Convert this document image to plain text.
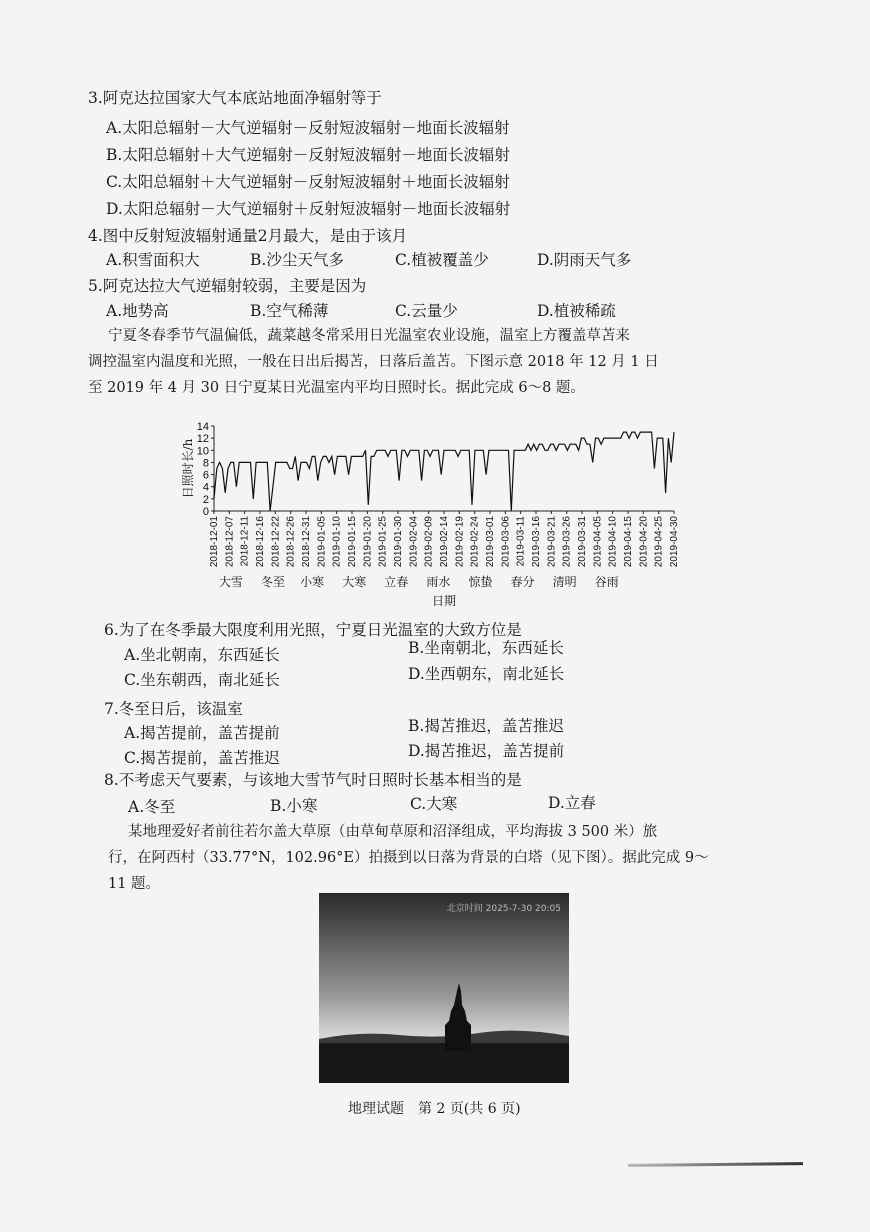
3.阿克达拉国家大气本底站地面净辐射等于
A.太阳总辐射－大气逆辐射－反射短波辐射－地面长波辐射
B.太阳总辐射＋大气逆辐射－反射短波辐射－地面长波辐射
C.太阳总辐射＋大气逆辐射－反射短波辐射＋地面长波辐射
D.太阳总辐射－大气逆辐射＋反射短波辐射－地面长波辐射
4.图中反射短波辐射通量2月最大，是由于该月
A.积雪面积大	B.沙尘天气多	C.植被覆盖少	D.阴雨天气多
5.阿克达拉大气逆辐射较弱，主要是因为
A.地势高	B.空气稀薄	C.云量少	D.植被稀疏
宁夏冬春季节气温偏低，蔬菜越冬常采用日光温室农业设施，温室上方覆盖草苫来
调控温室内温度和光照，一般在日出后揭苫，日落后盖苫。下图示意 2018 年 12 月 1 日
至 2019 年 4 月 30 日宁夏某日光温室内平均日照时长。据此完成 6～8 题。
0
2
4
6
8
10
12
14
日照时长/h
2018-12-01 2018-12-07 2018-12-11 2018-12-16 2018-12-22 2018-12-26 2018-12-31 2019-01-05 2019-01-10 2019-01-15 2019-01-20 2019-01-25 2019-01-30 2019-02-04 2019-02-09 2019-02-14 2019-02-19 2019-02-24 2019-03-01 2019-03-06 2019-03-11 2019-03-16 2019-03-21 2019-03-26 2019-03-31 2019-04-05 2019-04-10 2019-04-15 2019-04-20 2019-04-25 2019-04-30
大雪 冬至 小寒 大寒 立春 雨水 惊蛰 春分 清明 谷雨
日期
6.为了在冬季最大限度利用光照，宁夏日光温室的大致方位是
A.坐北朝南，东西延长	B.坐南朝北，东西延长
C.坐东朝西，南北延长	D.坐西朝东，南北延长
7.冬至日后，该温室
A.揭苫提前，盖苫提前	B.揭苫推迟，盖苫推迟
C.揭苫提前，盖苫推迟	D.揭苫推迟，盖苫提前
8.不考虑天气要素，与该地大雪节气时日照时长基本相当的是
A.冬至	B.小寒	C.大寒	D.立春
某地理爱好者前往若尔盖大草原（由草甸草原和沼泽组成，平均海拔 3 500 米）旅
行，在阿西村（33.77°N，102.96°E）拍摄到以日落为背景的白塔（见下图）。据此完成 9～
11 题。
北京时间 2025-7-30 20:05
地理试题　第 2 页(共 6 页)
